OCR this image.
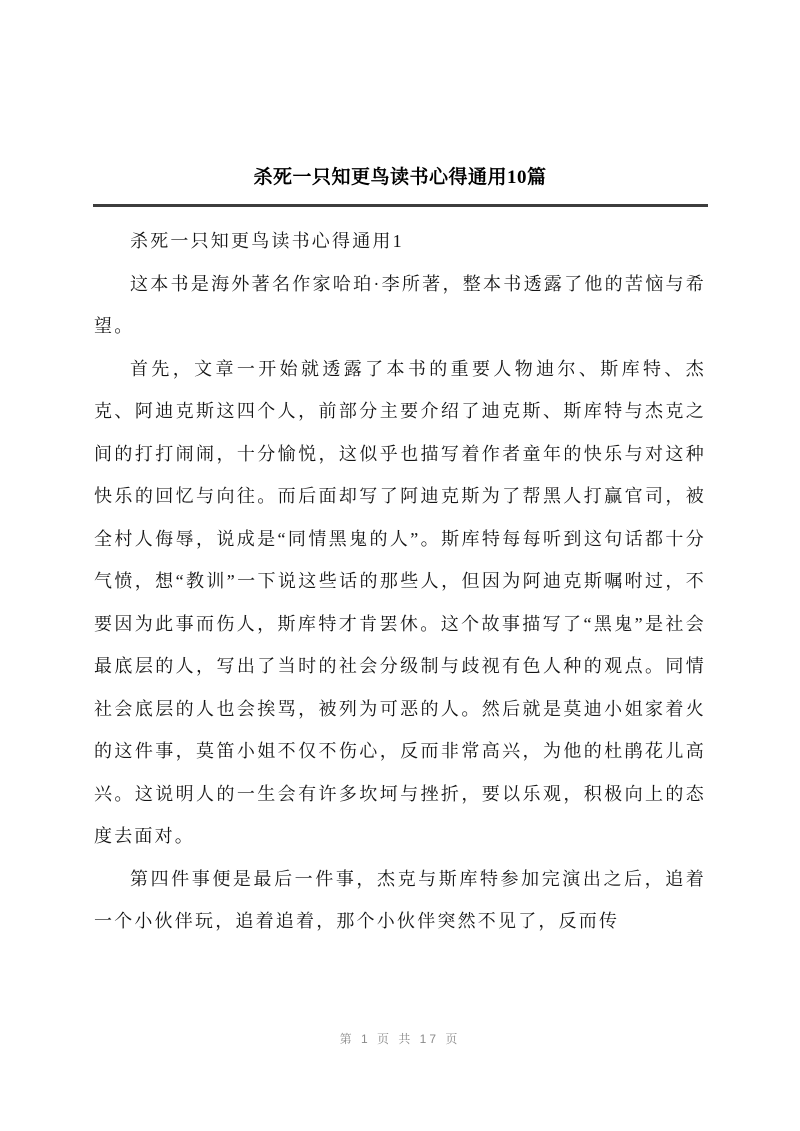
杀死一只知更鸟读书心得通用10篇

杀死一只知更鸟读书心得通用1

这本书是海外著名作家哈珀·李所著，整本书透露了他的苦恼与希望。

首先，文章一开始就透露了本书的重要人物迪尔、斯库特、杰克、阿迪克斯这四个人，前部分主要介绍了迪克斯、斯库特与杰克之间的打打闹闹，十分愉悦，这似乎也描写着作者童年的快乐与对这种快乐的回忆与向往。而后面却写了阿迪克斯为了帮黑人打赢官司，被全村人侮辱，说成是“同情黑鬼的人”。斯库特每每听到这句话都十分气愤，想“教训”一下说这些话的那些人，但因为阿迪克斯嘱咐过，不要因为此事而伤人，斯库特才肯罢休。这个故事描写了“黑鬼”是社会最底层的人，写出了当时的社会分级制与歧视有色人种的观点。同情社会底层的人也会挨骂，被列为可恶的人。然后就是莫迪小姐家着火的这件事，莫笛小姐不仅不伤心，反而非常高兴，为他的杜鹃花儿高兴。这说明人的一生会有许多坎坷与挫折，要以乐观，积极向上的态度去面对。

第四件事便是最后一件事，杰克与斯库特参加完演出之后，追着一个小伙伴玩，追着追着，那个小伙伴突然不见了，反而传

第 1 页 共 17 页
